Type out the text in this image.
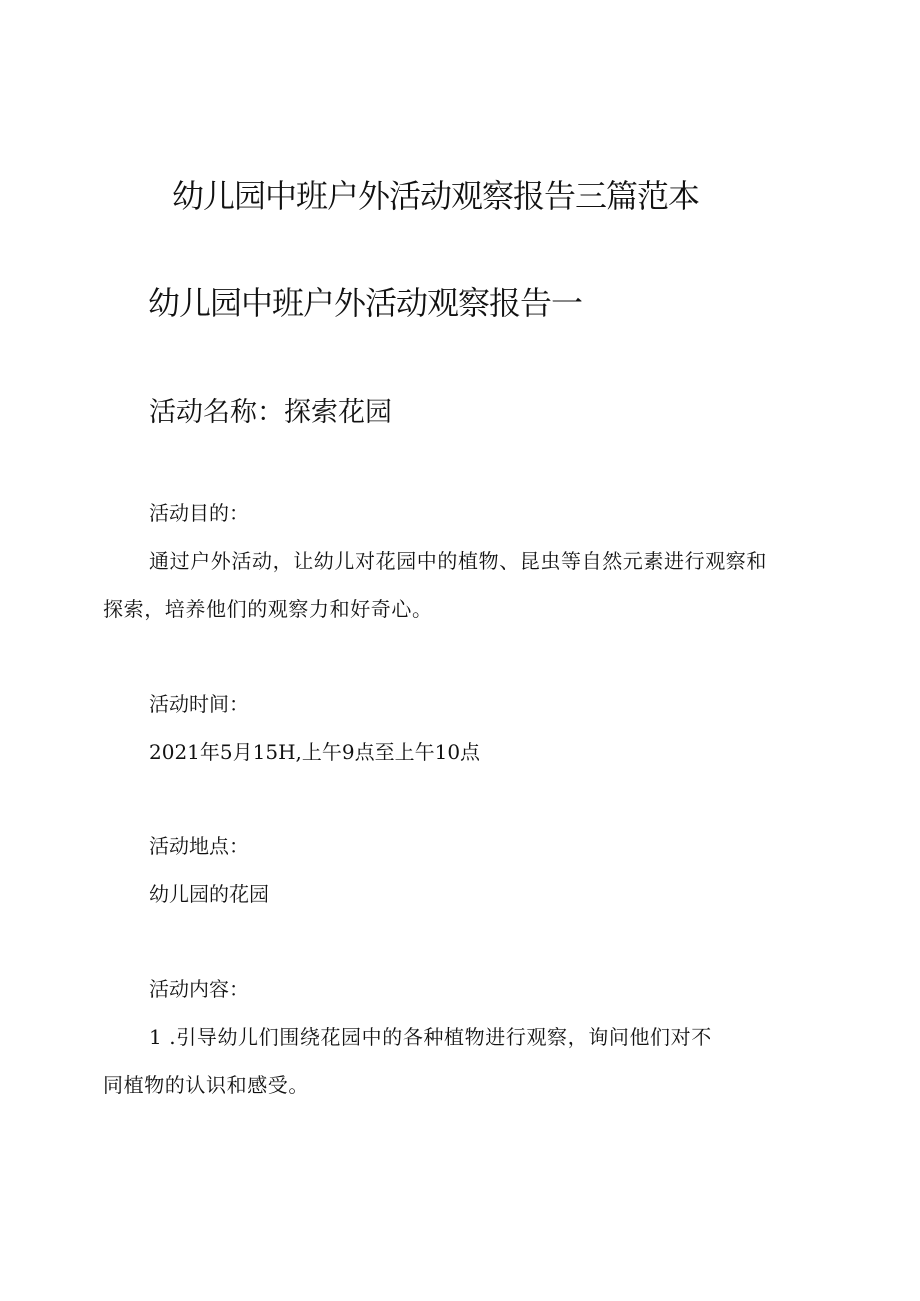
幼儿园中班户外活动观察报告三篇范本
幼儿园中班户外活动观察报告一
活动名称：探索花园

活动目的：

通过户外活动，让幼儿对花园中的植物、昆虫等自然元素进行观察和

探索，培养他们的观察力和好奇心。

活动时间：

2021年5月15H,上午9点至上午10点

活动地点：

幼儿园的花园

活动内容：

1 .引导幼儿们围绕花园中的各种植物进行观察，询问他们对不

同植物的认识和感受。
